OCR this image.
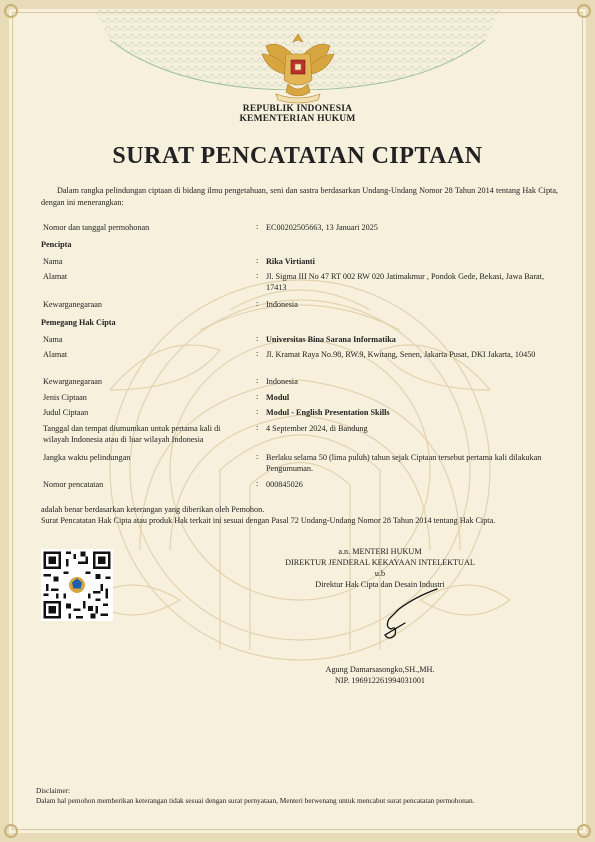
REPUBLIK INDONESIA
KEMENTERIAN HUKUM
SURAT PENCATATAN CIPTAAN
Dalam rangka pelindungan ciptaan di bidang ilmu pengetahuan, seni dan sastra berdasarkan Undang-Undang Nomor 28 Tahun 2014 tentang Hak Cipta, dengan ini menerangkan:
Nomor dan tanggal permohonan	: EC00202505663, 13 Januari 2025
Pencipta
Nama	: Rika Virtianti
Alamat	: Jl. Sigma III No 47 RT 002 RW 020 Jatimakmur , Pondok Gede, Bekasi, Jawa Barat, 17413
Kewarganegaraan	: Indonesia
Pemegang Hak Cipta
Nama	: Universitas Bina Sarana Informatika
Alamat	: Jl. Kramat Raya No.98, RW.9, Kwitang, Senen, Jakarta Pusat, DKI Jakarta, 10450
Kewarganegaraan	: Indonesia
Jenis Ciptaan	: Modul
Judul Ciptaan	: Modul - English Presentation Skills
Tanggal dan tempat diumumkan untuk pertama kali di wilayah Indonesia atau di luar wilayah Indonesia
: 4 September 2024, di Bandung
Jangka waktu pelindungan	: Berlaku selama 50 (lima puluh) tahun sejak Ciptaan tersebut pertama kali dilakukan Pengumuman.
Nomor pencatatan	: 000845026
adalah benar berdasarkan keterangan yang diberikan oleh Pemohon.
Surat Pencatatan Hak Cipta atau produk Hak terkait ini sesuai dengan Pasal 72 Undang-Undang Nomor 28 Tahun 2014 tentang Hak Cipta.
a.n. MENTERI HUKUM
DIREKTUR JENDERAL KEKAYAAN INTELEKTUAL
u.b
Direktur Hak Cipta dan Desain Industri
Agung Damarsasongko,SH.,MH.
NIP. 196912261994031001
Disclaimer:
Dalam hal pemohon memberikan keterangan tidak sesuai dengan surat pernyataan, Menteri berwenang untuk mencabut surat pencatatan permohonan.
